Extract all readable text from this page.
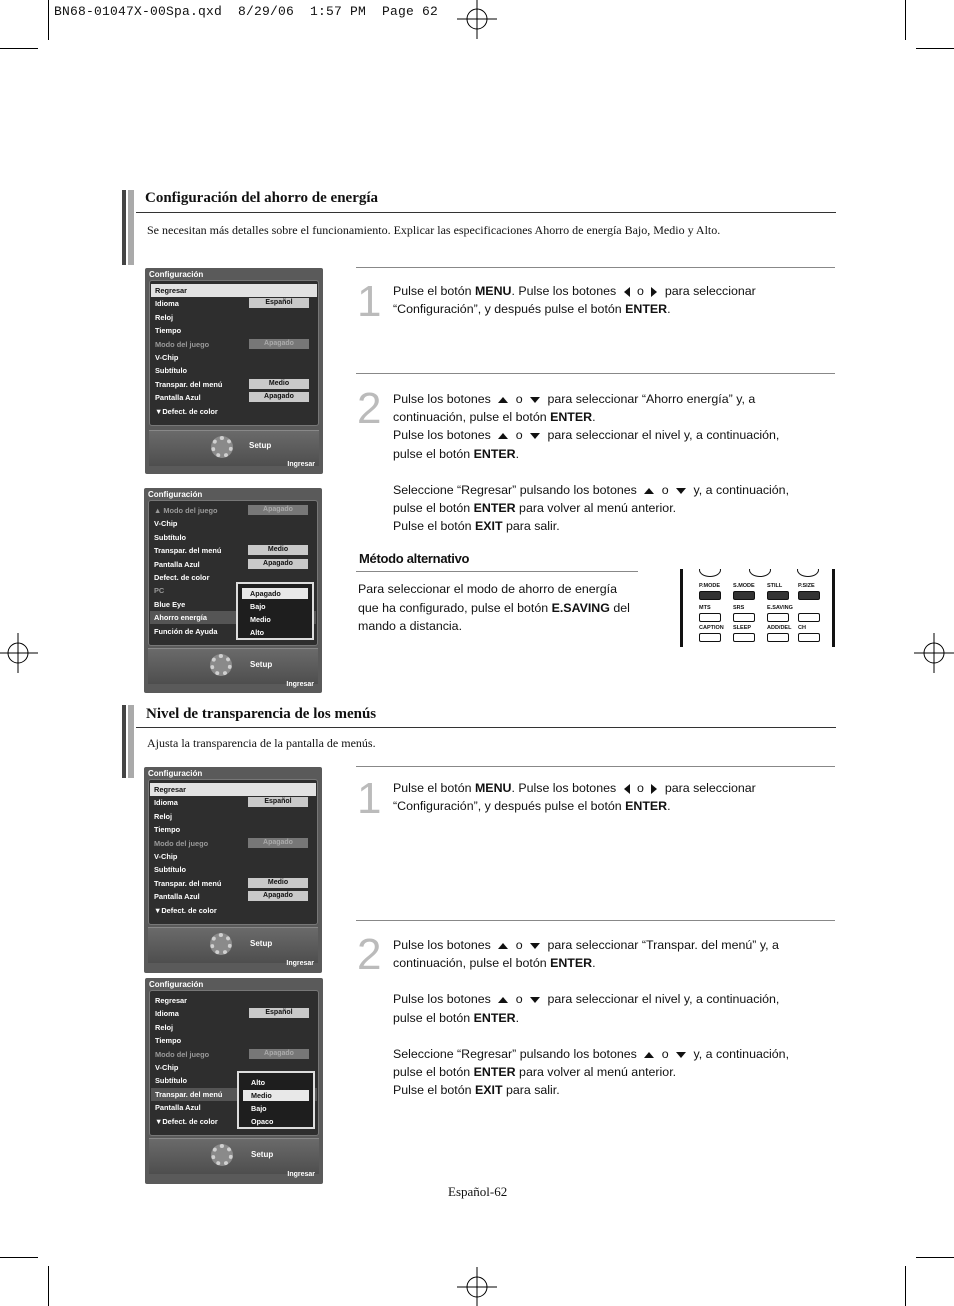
BN68-01047X-00Spa.qxd  8/29/06  1:57 PM  Page 62
Configuración del ahorro de energía
Se necesitan más detalles sobre el funcionamiento. Explicar las especificaciones Ahorro de energía Bajo, Medio y Alto.
Configuración
Regresar
Idioma	Español
Reloj
Tiempo
Modo del juego	Apagado
V-Chip
Subtítulo
Transpar. del menú	Medio
Pantalla Azul	Apagado
▼Defect. de color
Setup
Ingresar
Configuración
▲ Modo del juego	Apagado
V-Chip
Subtítulo
Transpar. del menú	Medio
Pantalla Azul	Apagado
Defect. de color
PC
Blue Eye
Ahorro energía
Función de Ayuda
Apagado
Bajo
Medio
Alto
Setup
Ingresar
1 Pulse el botón MENU. Pulse los botones  o  para seleccionar

“Configuración”, y después pulse el botón ENTER.

2 Pulse los botones  o  para seleccionar “Ahorro energía” y, a

continuación, pulse el botón ENTER.

Pulse los botones  o  para seleccionar el nivel y, a continuación,

pulse el botón ENTER.

Seleccione “Regresar” pulsando los botones  o  y, a continuación,

pulse el botón ENTER para volver al menú anterior.

Pulse el botón EXIT para salir.

Método alternativo
Para seleccionar el modo de ahorro de energía que ha configurado, pulse el botón E.SAVING del mando a distancia.
P.MODE S.MODE STILL	P.SIZE
MTS	SRS	E.SAVING
CAPTION SLEEP	ADD/DEL CH
Nivel de transparencia de los menús
Ajusta la transparencia de la pantalla de menús.
Configuración
Regresar
Idioma	Español
Reloj
Tiempo
Modo del juego	Apagado
V-Chip
Subtítulo
Transpar. del menú	Medio
Pantalla Azul	Apagado
▼Defect. de color
Setup
Ingresar
Configuración
Regresar
Idioma	Español
Reloj
Tiempo
Modo del juego	Apagado
V-Chip
Subtítulo
Transpar. del menú
Pantalla Azul
▼Defect. de color
Alto
Medio
Bajo
Opaco
Setup
Ingresar
1 Pulse el botón MENU. Pulse los botones  o  para seleccionar

“Configuración”, y después pulse el botón ENTER.

2 Pulse los botones  o  para seleccionar “Transpar. del menú” y, a

continuación, pulse el botón ENTER.

Pulse los botones  o  para seleccionar el nivel y, a continuación,

pulse el botón ENTER.

Seleccione “Regresar” pulsando los botones  o  y, a continuación,

pulse el botón ENTER para volver al menú anterior.

Pulse el botón EXIT para salir.

Español-62
